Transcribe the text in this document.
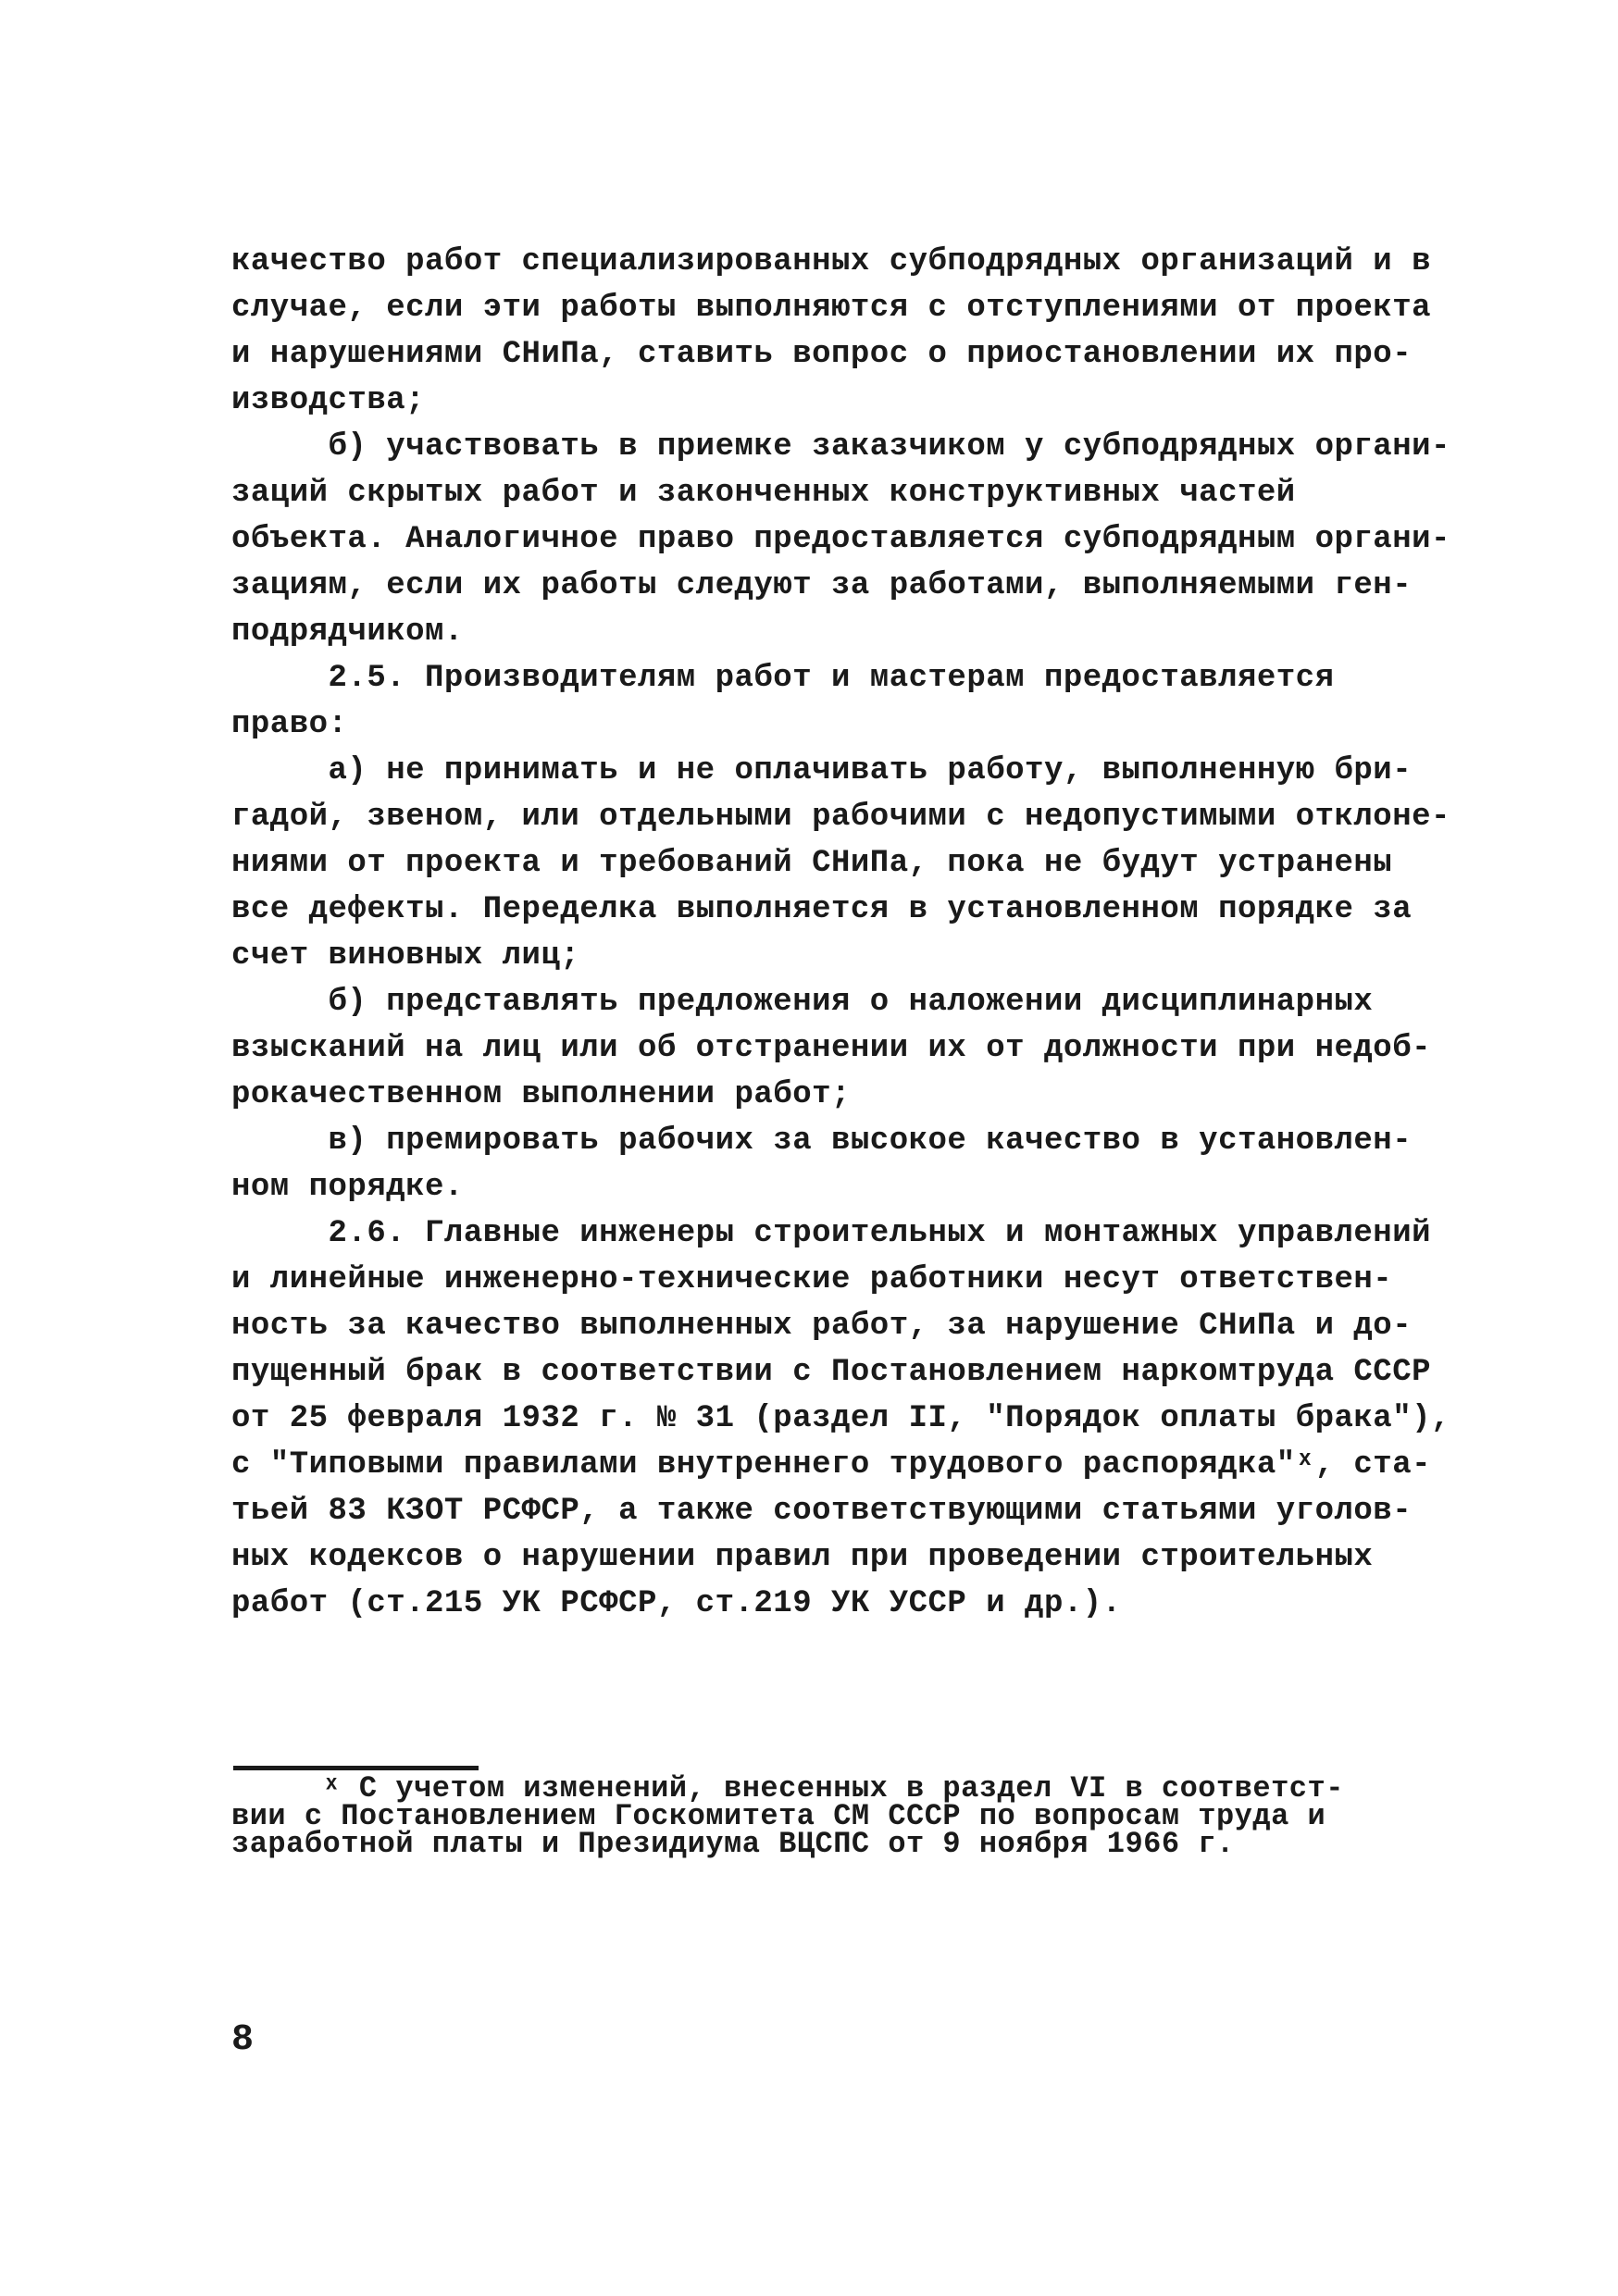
качество работ специализированных субподрядных организаций и в
случае, если эти работы выполняются с отступлениями от проекта
и нарушениями СНиПа, ставить вопрос о приостановлении их про-
изводства;
б) участвовать в приемке заказчиком у субподрядных органи-
заций скрытых работ и законченных конструктивных частей
объекта. Аналогичное право предоставляется субподрядным органи-
зациям, если их работы следуют за работами, выполняемыми ген-
подрядчиком.
2.5. Производителям работ и мастерам предоставляется
право:
а) не принимать и не оплачивать работу, выполненную бри-
гадой, звеном, или отдельными рабочими с недопустимыми отклоне-
ниями от проекта и требований СНиПа, пока не будут устранены
все дефекты. Переделка выполняется в установленном порядке за
счет виновных лиц;
б) представлять предложения о наложении дисциплинарных
взысканий на лиц или об отстранении их от должности при недоб-
рокачественном выполнении работ;
в) премировать рабочих за высокое качество в установлен-
ном порядке.
2.6. Главные инженеры строительных и монтажных управлений
и линейные инженерно-технические работники несут ответствен-
ность за качество выполненных работ, за нарушение СНиПа и до-
пущенный брак в соответствии с Постановлением наркомтруда СССР
от 25 февраля 1932 г. № 31 (раздел II, "Порядок оплаты брака"),
с "Типовыми правилами внутреннего трудового распорядка"ˣ, ста-
тьей 83 КЗОТ РСФСР, а также соответствующими статьями уголов-
ных кодексов о нарушении правил при проведении строительных
работ (ст.215 УК РСФСР, ст.219 УК УССР и др.).
ˣ С учетом изменений, внесенных в раздел VI в соответст-
вии с Постановлением Госкомитета СМ СССР по вопросам труда и
заработной платы и Президиума ВЦСПС от 9 ноября 1966 г.
8
